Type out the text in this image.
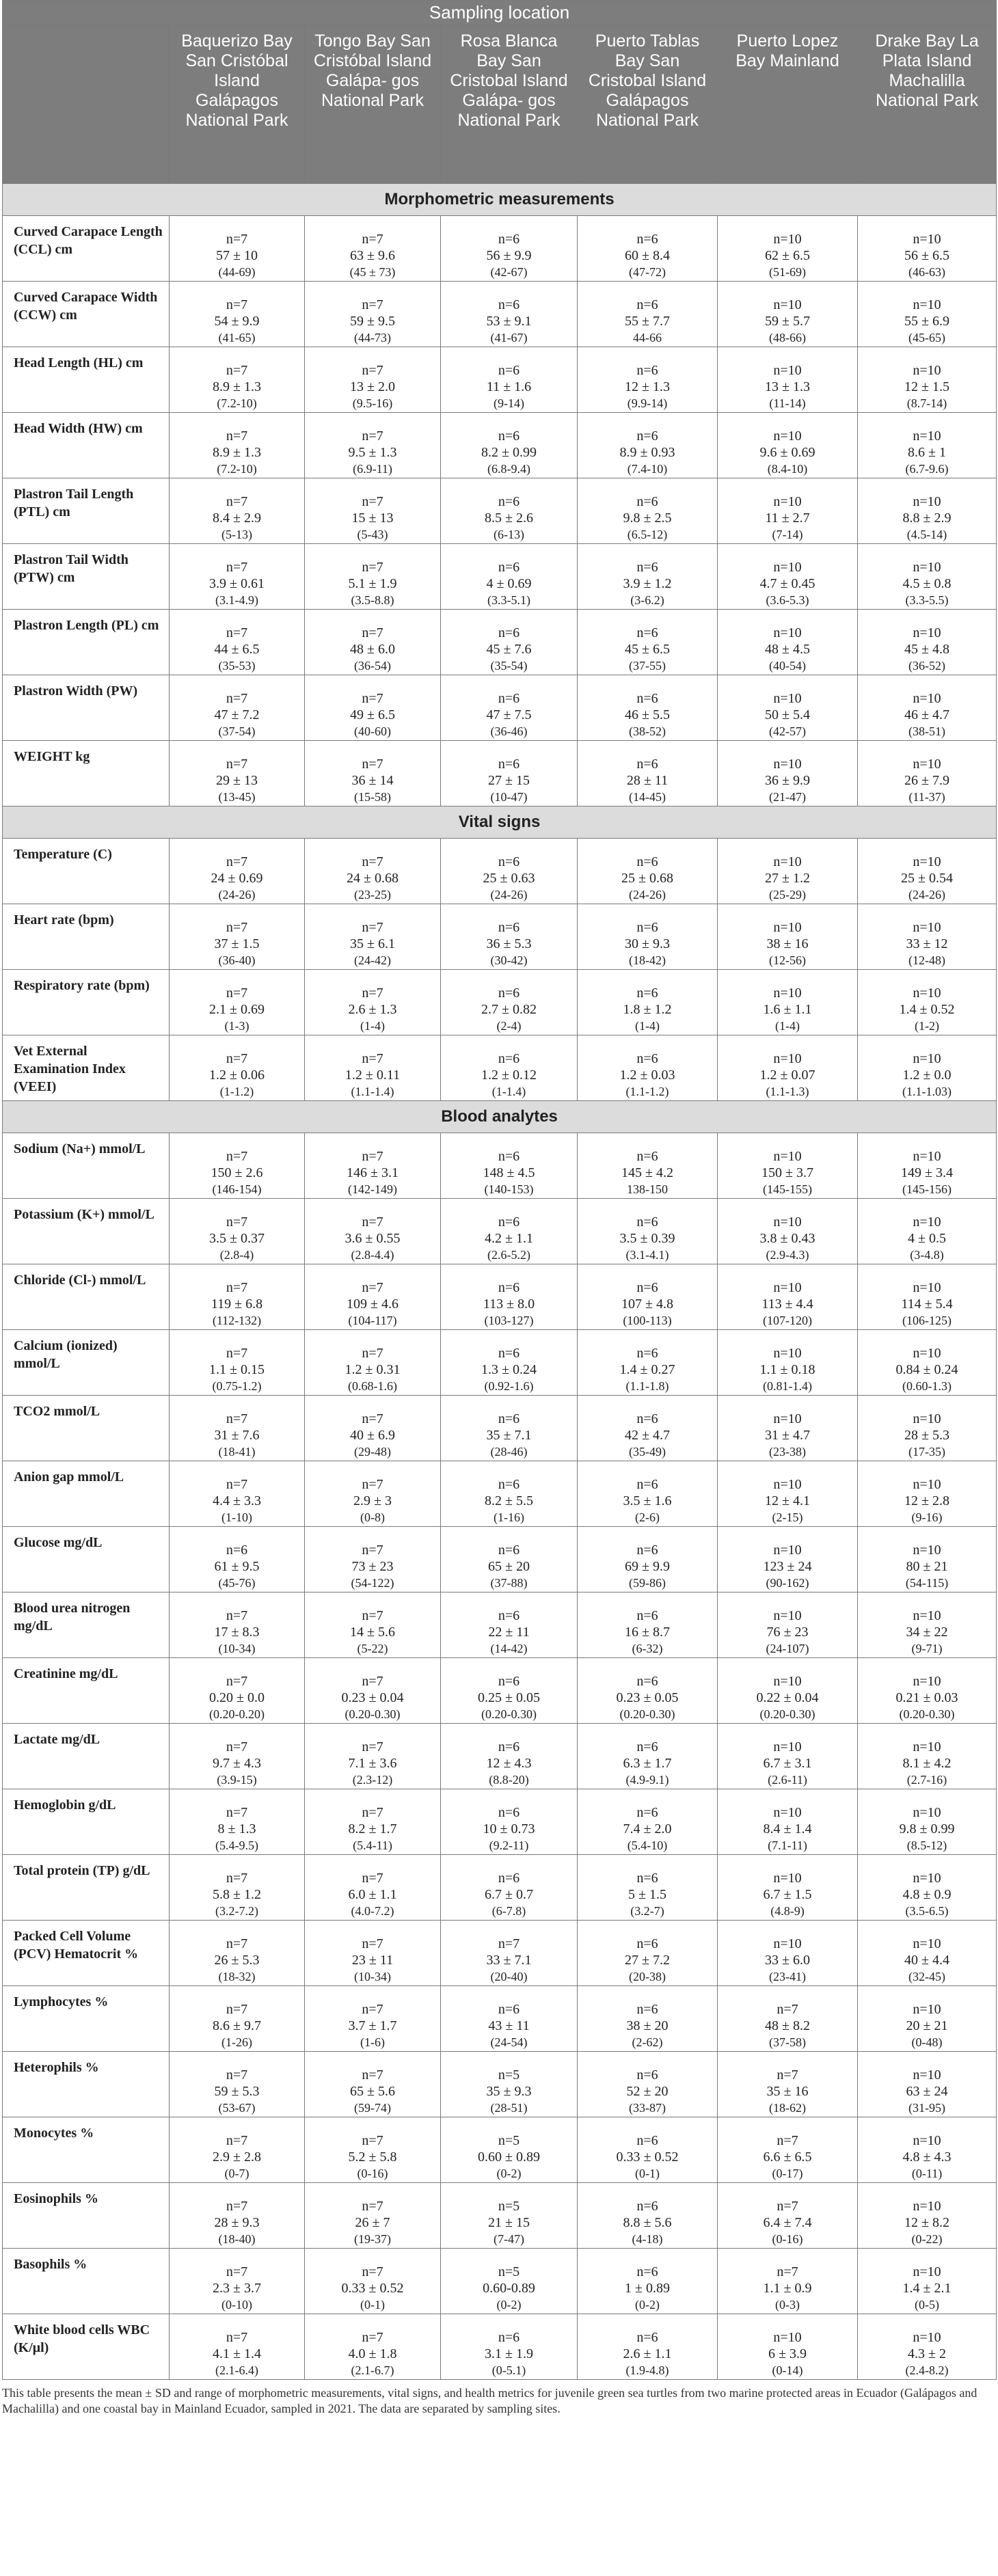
Sampling location						
	Baquerizo Bay San Cristóbal Island Galápagos National Park	Tongo Bay San Cristóbal Island Galápa- gos National Park	Rosa Blanca Bay San Cristobal Island Galápa- gos National Park	Puerto Tablas Bay San Cristobal Island Galápagos National Park	Puerto Lopez Bay Mainland	Drake Bay La Plata Island Machalilla National Park
Morphometric measurements						
Curved Carapace Length (CCL) cm	n=7
57 ± 10
(44-69)	n=7
63 ± 9.6
(45 ± 73)	n=6
56 ± 9.9
(42-67)	n=6
60 ± 8.4
(47-72)	n=10
62 ± 6.5
(51-69)	n=10
56 ± 6.5
(46-63)

Curved Carapace Width (CCW) cm	n=7
54 ± 9.9
(41-65)	n=7
59 ± 9.5
(44-73)	n=6
53 ± 9.1
(41-67)	n=6
55 ± 7.7
44-66	n=10
59 ± 5.7
(48-66)	n=10
55 ± 6.9
(45-65)

Head Length (HL) cm	n=7
8.9 ± 1.3
(7.2-10)	n=7
13 ± 2.0
(9.5-16)	n=6
11 ± 1.6
(9-14)	n=6
12 ± 1.3
(9.9-14)	n=10
13 ± 1.3
(11-14)	n=10
12 ± 1.5
(8.7-14)

Head Width (HW) cm	n=7
8.9 ± 1.3
(7.2-10)	n=7
9.5 ± 1.3
(6.9-11)	n=6
8.2 ± 0.99
(6.8-9.4)	n=6
8.9 ± 0.93
(7.4-10)	n=10
9.6 ± 0.69
(8.4-10)	n=10
8.6 ± 1
(6.7-9.6)

Plastron Tail Length (PTL) cm	n=7
8.4 ± 2.9
(5-13)	n=7
15 ± 13
(5-43)	n=6
8.5 ± 2.6
(6-13)	n=6
9.8 ± 2.5
(6.5-12)	n=10
11 ± 2.7
(7-14)	n=10
8.8 ± 2.9
(4.5-14)

Plastron Tail Width (PTW) cm	n=7
3.9 ± 0.61
(3.1-4.9)	n=7
5.1 ± 1.9
(3.5-8.8)	n=6
4 ± 0.69
(3.3-5.1)	n=6
3.9 ± 1.2
(3-6.2)	n=10
4.7 ± 0.45
(3.6-5.3)	n=10
4.5 ± 0.8
(3.3-5.5)

Plastron Length (PL) cm	n=7
44 ± 6.5
(35-53)	n=7
48 ± 6.0
(36-54)	n=6
45 ± 7.6
(35-54)	n=6
45 ± 6.5
(37-55)	n=10
48 ± 4.5
(40-54)	n=10
45 ± 4.8
(36-52)

Plastron Width (PW)	n=7
47 ± 7.2
(37-54)	n=7
49 ± 6.5
(40-60)	n=6
47 ± 7.5
(36-46)	n=6
46 ± 5.5
(38-52)	n=10
50 ± 5.4
(42-57)	n=10
46 ± 4.7
(38-51)

WEIGHT kg	n=7
29 ± 13
(13-45)	n=7
36 ± 14
(15-58)	n=6
27 ± 15
(10-47)	n=6
28 ± 11
(14-45)	n=10
36 ± 9.9
(21-47)	n=10
26 ± 7.9
(11-37)

Vital signs						
Temperature (C)	n=7
24 ± 0.69
(24-26)	n=7
24 ± 0.68
(23-25)	n=6
25 ± 0.63
(24-26)	n=6
25 ± 0.68
(24-26)	n=10
27 ± 1.2
(25-29)	n=10
25 ± 0.54
(24-26)

Heart rate (bpm)	n=7
37 ± 1.5
(36-40)	n=7
35 ± 6.1
(24-42)	n=6
36 ± 5.3
(30-42)	n=6
30 ± 9.3
(18-42)	n=10
38 ± 16
(12-56)	n=10
33 ± 12
(12-48)

Respiratory rate (bpm)	n=7
2.1 ± 0.69
(1-3)	n=7
2.6 ± 1.3
(1-4)	n=6
2.7 ± 0.82
(2-4)	n=6
1.8 ± 1.2
(1-4)	n=10
1.6 ± 1.1
(1-4)	n=10
1.4 ± 0.52
(1-2)

Vet External Examination Index (VEEI)	n=7
1.2 ± 0.06
(1-1.2)	n=7
1.2 ± 0.11
(1.1-1.4)	n=6
1.2 ± 0.12
(1-1.4)	n=6
1.2 ± 0.03
(1.1-1.2)	n=10
1.2 ± 0.07
(1.1-1.3)	n=10
1.2 ± 0.0
(1.1-1.03)

Blood analytes						
Sodium (Na+) mmol/L	n=7
150 ± 2.6
(146-154)	n=7
146 ± 3.1
(142-149)	n=6
148 ± 4.5
(140-153)	n=6
145 ± 4.2
138-150	n=10
150 ± 3.7
(145-155)	n=10
149 ± 3.4
(145-156)

Potassium (K+) mmol/L	n=7
3.5 ± 0.37
(2.8-4)	n=7
3.6 ± 0.55
(2.8-4.4)	n=6
4.2 ± 1.1
(2.6-5.2)	n=6
3.5 ± 0.39
(3.1-4.1)	n=10
3.8 ± 0.43
(2.9-4.3)	n=10
4 ± 0.5
(3-4.8)

Chloride (Cl-) mmol/L	n=7
119 ± 6.8
(112-132)	n=7
109 ± 4.6
(104-117)	n=6
113 ± 8.0
(103-127)	n=6
107 ± 4.8
(100-113)	n=10
113 ± 4.4
(107-120)	n=10
114 ± 5.4
(106-125)

Calcium (ionized) mmol/L	n=7
1.1 ± 0.15
(0.75-1.2)	n=7
1.2 ± 0.31
(0.68-1.6)	n=6
1.3 ± 0.24
(0.92-1.6)	n=6
1.4 ± 0.27
(1.1-1.8)	n=10
1.1 ± 0.18
(0.81-1.4)	n=10
0.84 ± 0.24
(0.60-1.3)

TCO2 mmol/L	n=7
31 ± 7.6
(18-41)	n=7
40 ± 6.9
(29-48)	n=6
35 ± 7.1
(28-46)	n=6
42 ± 4.7
(35-49)	n=10
31 ± 4.7
(23-38)	n=10
28 ± 5.3
(17-35)

Anion gap mmol/L	n=7
4.4 ± 3.3
(1-10)	n=7
2.9 ± 3
(0-8)	n=6
8.2 ± 5.5
(1-16)	n=6
3.5 ± 1.6
(2-6)	n=10
12 ± 4.1
(2-15)	n=10
12 ± 2.8
(9-16)

Glucose mg/dL	n=6
61 ± 9.5
(45-76)	n=7
73 ± 23
(54-122)	n=6
65 ± 20
(37-88)	n=6
69 ± 9.9
(59-86)	n=10
123 ± 24
(90-162)	n=10
80 ± 21
(54-115)

Blood urea nitrogen mg/dL	n=7
17 ± 8.3
(10-34)	n=7
14 ± 5.6
(5-22)	n=6
22 ± 11
(14-42)	n=6
16 ± 8.7
(6-32)	n=10
76 ± 23
(24-107)	n=10
34 ± 22
(9-71)

Creatinine mg/dL	n=7
0.20 ± 0.0
(0.20-0.20)	n=7
0.23 ± 0.04
(0.20-0.30)	n=6
0.25 ± 0.05
(0.20-0.30)	n=6
0.23 ± 0.05
(0.20-0.30)	n=10
0.22 ± 0.04
(0.20-0.30)	n=10
0.21 ± 0.03
(0.20-0.30)

Lactate mg/dL	n=7
9.7 ± 4.3
(3.9-15)	n=7
7.1 ± 3.6
(2.3-12)	n=6
12 ± 4.3
(8.8-20)	n=6
6.3 ± 1.7
(4.9-9.1)	n=10
6.7 ± 3.1
(2.6-11)	n=10
8.1 ± 4.2
(2.7-16)

Hemoglobin g/dL	n=7
8 ± 1.3
(5.4-9.5)	n=7
8.2 ± 1.7
(5.4-11)	n=6
10 ± 0.73
(9.2-11)	n=6
7.4 ± 2.0
(5.4-10)	n=10
8.4 ± 1.4
(7.1-11)	n=10
9.8 ± 0.99
(8.5-12)

Total protein (TP) g/dL	n=7
5.8 ± 1.2
(3.2-7.2)	n=7
6.0 ± 1.1
(4.0-7.2)	n=6
6.7 ± 0.7
(6-7.8)	n=6
5 ± 1.5
(3.2-7)	n=10
6.7 ± 1.5
(4.8-9)	n=10
4.8 ± 0.9
(3.5-6.5)

Packed Cell Volume (PCV) Hematocrit %	n=7
26 ± 5.3
(18-32)	n=7
23 ± 11
(10-34)	n=7
33 ± 7.1
(20-40)	n=6
27 ± 7.2
(20-38)	n=10
33 ± 6.0
(23-41)	n=10
40 ± 4.4
(32-45)

Lymphocytes %	n=7
8.6 ± 9.7
(1-26)	n=7
3.7 ± 1.7
(1-6)	n=6
43 ± 11
(24-54)	n=6
38 ± 20
(2-62)	n=7
48 ± 8.2
(37-58)	n=10
20 ± 21
(0-48)

Heterophils %	n=7
59 ± 5.3
(53-67)	n=7
65 ± 5.6
(59-74)	n=5
35 ± 9.3
(28-51)	n=6
52 ± 20
(33-87)	n=7
35 ± 16
(18-62)	n=10
63 ± 24
(31-95)

Monocytes %	n=7
2.9 ± 2.8
(0-7)	n=7
5.2 ± 5.8
(0-16)	n=5
0.60 ± 0.89
(0-2)	n=6
0.33 ± 0.52
(0-1)	n=7
6.6 ± 6.5
(0-17)	n=10
4.8 ± 4.3
(0-11)

Eosinophils %	n=7
28 ± 9.3
(18-40)	n=7
26 ± 7
(19-37)	n=5
21 ± 15
(7-47)	n=6
8.8 ± 5.6
(4-18)	n=7
6.4 ± 7.4
(0-16)	n=10
12 ± 8.2
(0-22)

Basophils %	n=7
2.3 ± 3.7
(0-10)	n=7
0.33 ± 0.52
(0-1)	n=5
0.60-0.89
(0-2)	n=6
1 ± 0.89
(0-2)	n=7
1.1 ± 0.9
(0-3)	n=10
1.4 ± 2.1
(0-5)

White blood cells WBC (K/μl)	n=7
4.1 ± 1.4
(2.1-6.4)	n=7
4.0 ± 1.8
(2.1-6.7)	n=6
3.1 ± 1.9
(0-5.1)	n=6
2.6 ± 1.1
(1.9-4.8)	n=10
6 ± 3.9
(0-14)	n=10
4.3 ± 2
(2.4-8.2)

This table presents the mean ± SD and range of morphometric measurements, vital signs, and health metrics for juvenile green sea turtles from two marine protected areas in Ecuador (Galápagos and Machalilla) and one coastal bay in Mainland Ecuador, sampled in 2021. The data are separated by sampling sites.
